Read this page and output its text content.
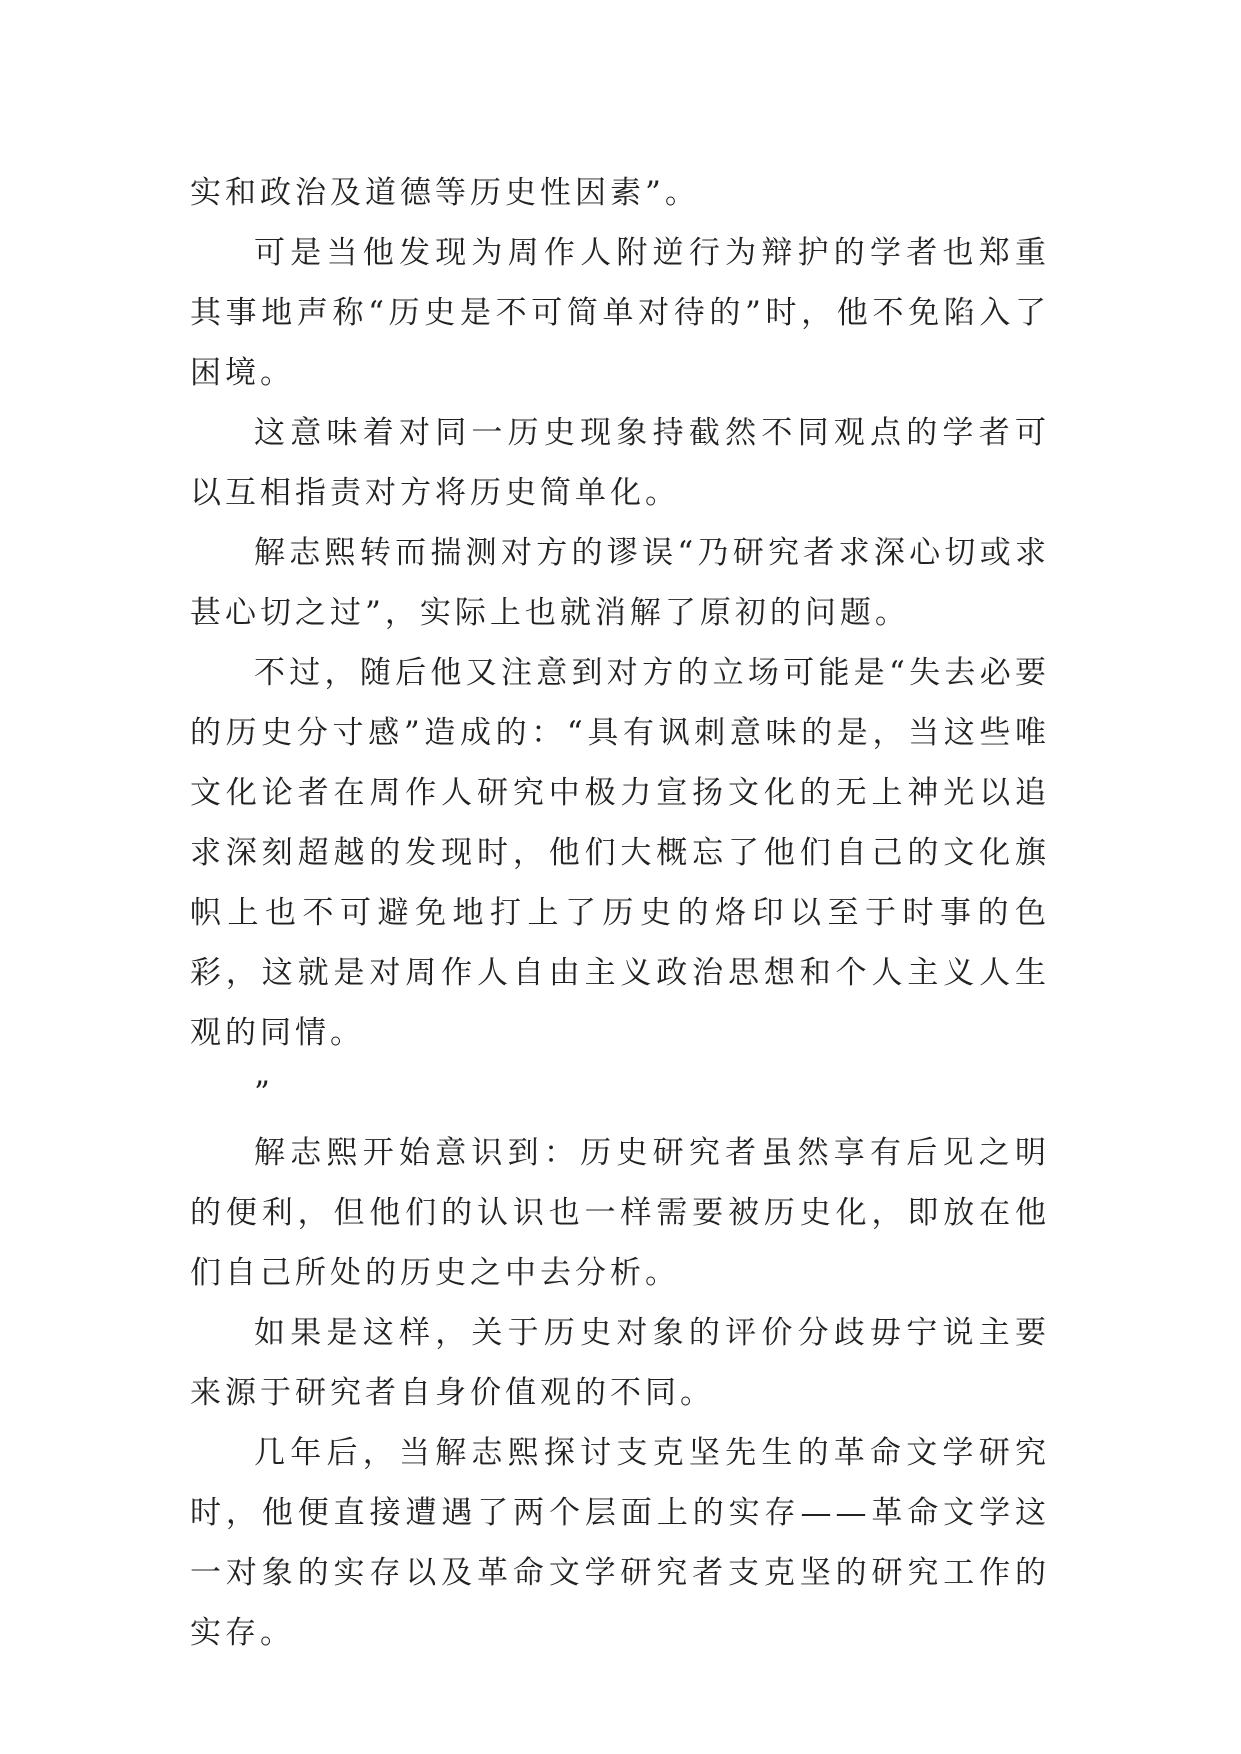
实和政治及道德等历史性因素”。

可是当他发现为周作人附逆行为辩护的学者也郑重其事地声称“历史是不可简单对待的”时，他不免陷入了困境。

这意味着对同一历史现象持截然不同观点的学者可以互相指责对方将历史简单化。

解志熙转而揣测对方的谬误“乃研究者求深心切或求甚心切之过”，实际上也就消解了原初的问题。

不过，随后他又注意到对方的立场可能是“失去必要的历史分寸感”造成的：“具有讽刺意味的是，当这些唯文化论者在周作人研究中极力宣扬文化的无上神光以追求深刻超越的发现时，他们大概忘了他们自己的文化旗帜上也不可避免地打上了历史的烙印以至于时事的色彩，这就是对周作人自由主义政治思想和个人主义人生观的同情。

”

解志熙开始意识到：历史研究者虽然享有后见之明的便利，但他们的认识也一样需要被历史化，即放在他们自己所处的历史之中去分析。

如果是这样，关于历史对象的评价分歧毋宁说主要来源于研究者自身价值观的不同。

几年后，当解志熙探讨支克坚先生的革命文学研究时，他便直接遭遇了两个层面上的实存——革命文学这一对象的实存以及革命文学研究者支克坚的研究工作的实存。
